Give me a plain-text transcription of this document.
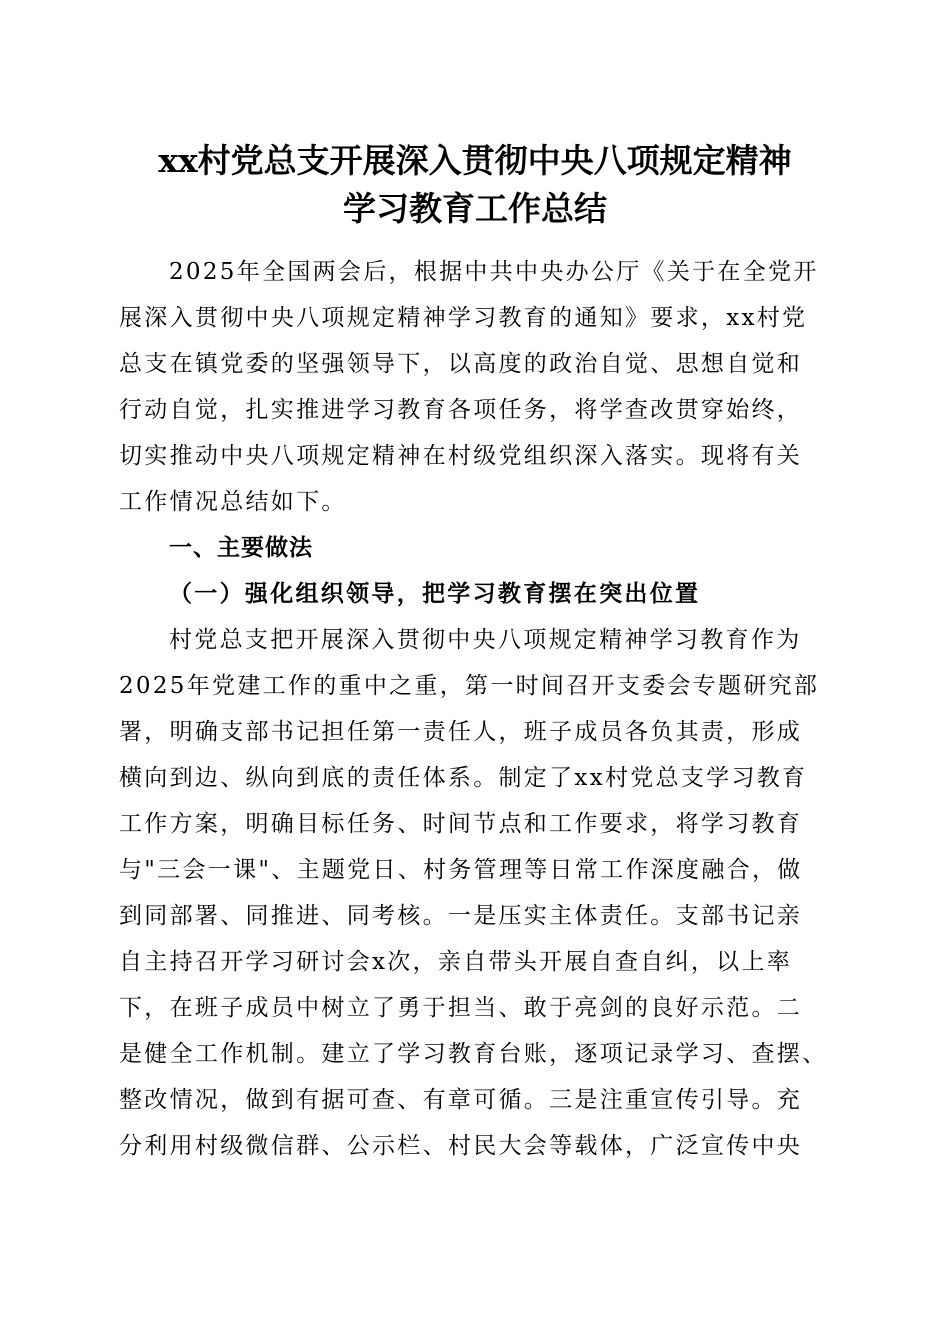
xx村党总支开展深入贯彻中央八项规定精神
学习教育工作总结
2025年全国两会后，根据中共中央办公厅《关于在全党开
展深入贯彻中央八项规定精神学习教育的通知》要求，xx村党
总支在镇党委的坚强领导下，以高度的政治自觉、思想自觉和
行动自觉，扎实推进学习教育各项任务，将学查改贯穿始终，
切实推动中央八项规定精神在村级党组织深入落实。现将有关
工作情况总结如下。
一、主要做法
（一）强化组织领导，把学习教育摆在突出位置
村党总支把开展深入贯彻中央八项规定精神学习教育作为
2025年党建工作的重中之重，第一时间召开支委会专题研究部
署，明确支部书记担任第一责任人，班子成员各负其责，形成
横向到边、纵向到底的责任体系。制定了xx村党总支学习教育
工作方案，明确目标任务、时间节点和工作要求，将学习教育
与"三会一课"、主题党日、村务管理等日常工作深度融合，做
到同部署、同推进、同考核。一是压实主体责任。支部书记亲
自主持召开学习研讨会x次，亲自带头开展自查自纠，以上率
下，在班子成员中树立了勇于担当、敢于亮剑的良好示范。二
是健全工作机制。建立了学习教育台账，逐项记录学习、查摆、
整改情况，做到有据可查、有章可循。三是注重宣传引导。充
分利用村级微信群、公示栏、村民大会等载体，广泛宣传中央
